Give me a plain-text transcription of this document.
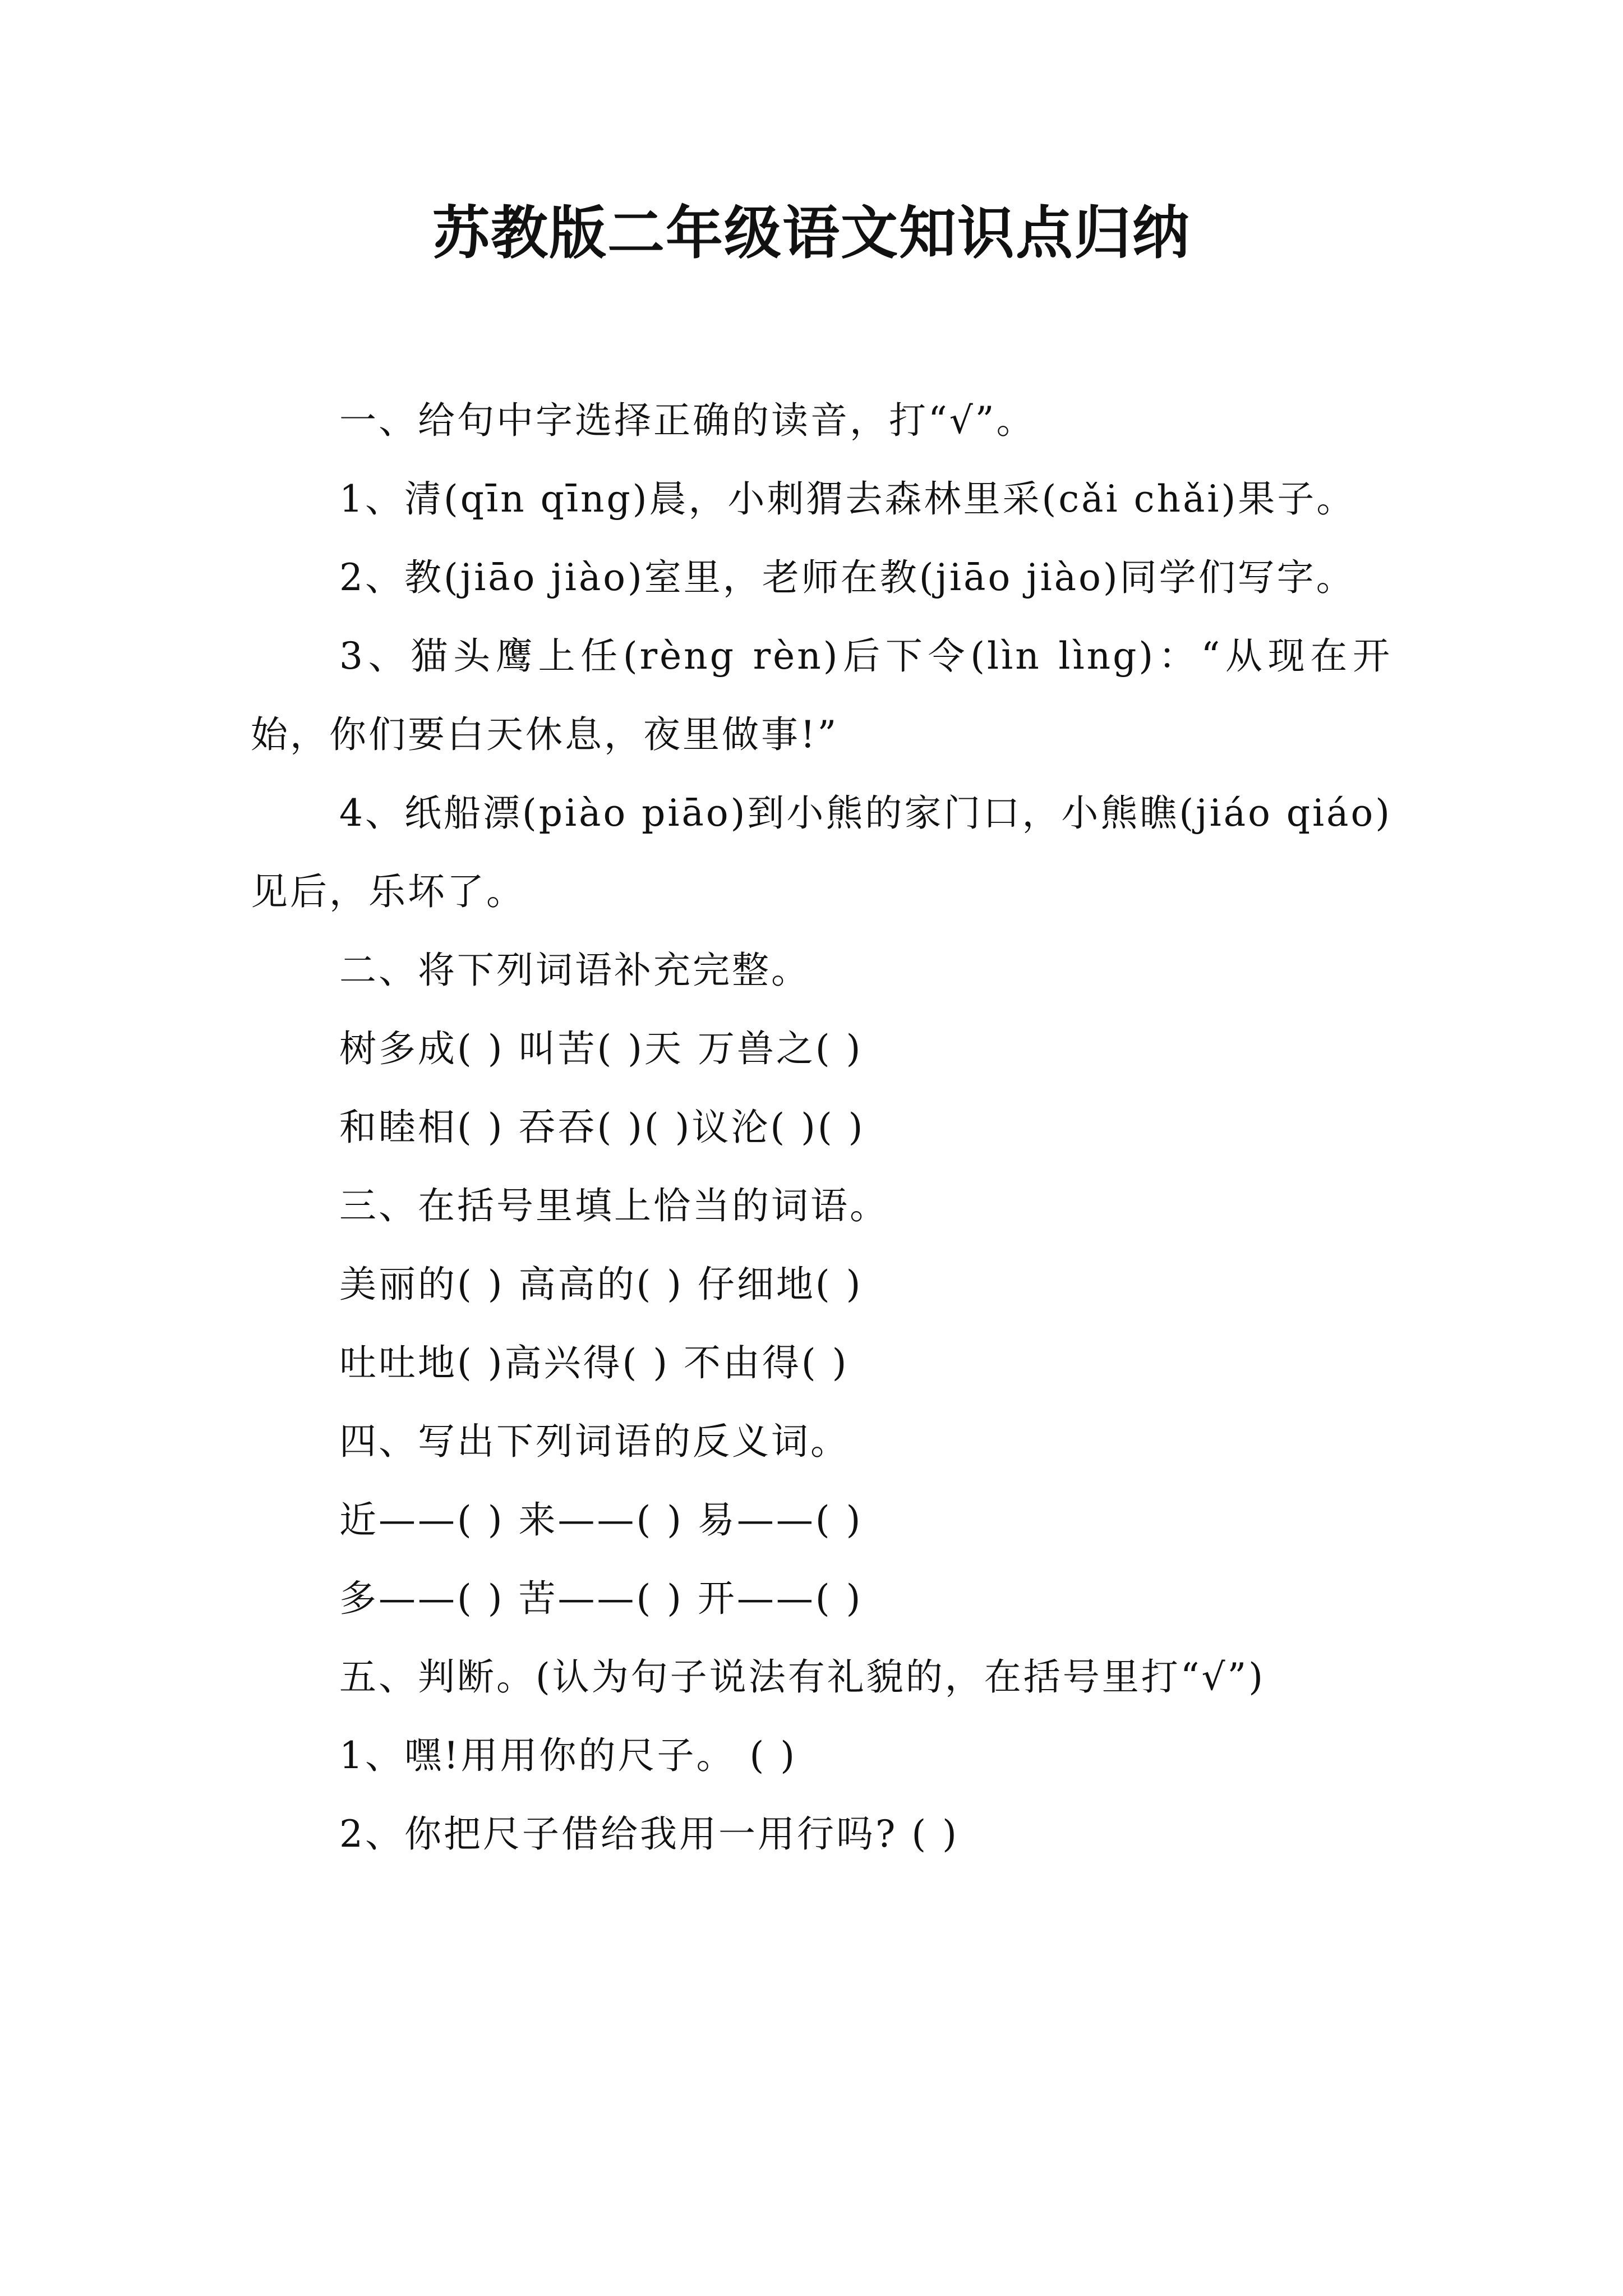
苏教版二年级语文知识点归纳

一、给句中字选择正确的读音，打“√”。

1、清(qīn qīng)晨，小刺猬去森林里采(cǎi chǎi)果子。

2、教(jiāo jiào)室里，老师在教(jiāo jiào)同学们写字。

3、猫头鹰上任(rèng rèn)后下令(lìn lìng)：“从现在开始，你们要白天休息，夜里做事!”

4、纸船漂(piào piāo)到小熊的家门口，小熊瞧(jiáo qiáo)见后，乐坏了。

二、将下列词语补充完整。

树多成( ) 叫苦( )天 万兽之( )

和睦相( ) 吞吞( )( )议沦( )( )

三、在括号里填上恰当的词语。

美丽的( ) 高高的( ) 仔细地( )

吐吐地( )高兴得( ) 不由得( )

四、写出下列词语的反义词。

近——( ) 来——( ) 易——( )

多——( ) 苦——( ) 开——( )

五、判断。(认为句子说法有礼貌的，在括号里打“√”)

1、嘿!用用你的尺子。 ( )

2、你把尺子借给我用一用行吗? ( )
